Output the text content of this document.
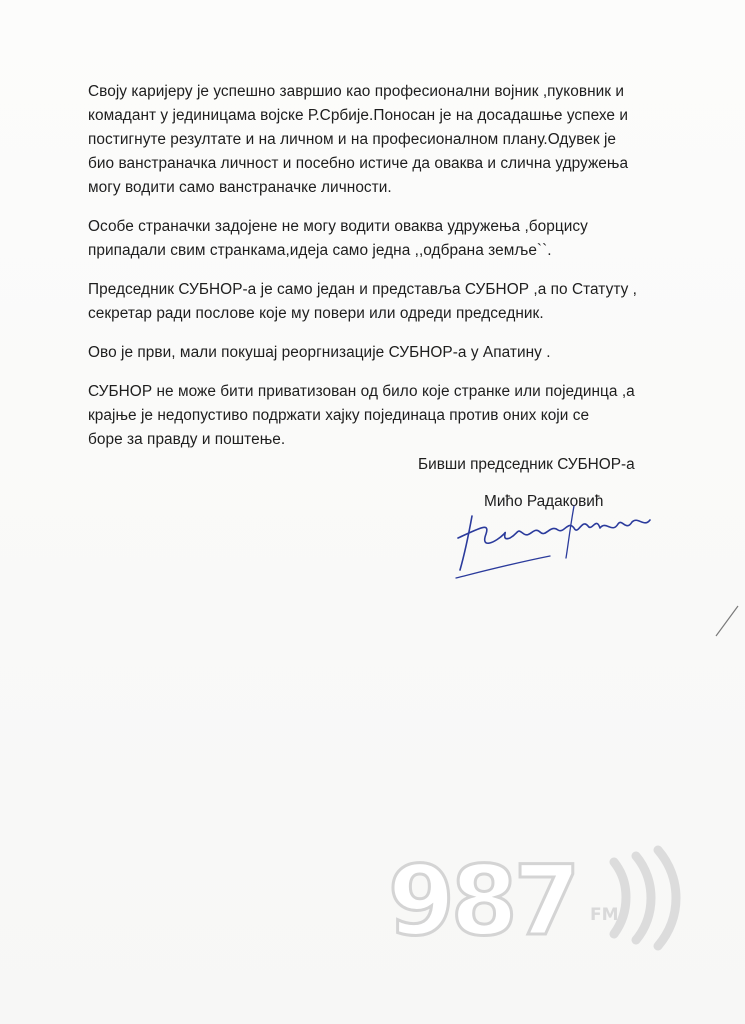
Своју каријеру је успешно завршио као професионални војник ,пуковник и
комадант у јединицама војске Р.Србије.Поносан је на досадашње успехе и
постигнуте резултате и на личном и на професионалном плану.Одувек је
био ванстраначка личност и посебно истиче да оваква и слична удружења
могу водити само ванстраначке личности.

Особе страначки задојене не могу водити оваква удружења ,борцису
припадали свим странкама,идеја само једна ,,одбрана земље``.

Председник СУБНОР-а је само један и представља СУБНОР ,а по Статуту ,
секретар ради послове које му повери или одреди председник.

Ово је први, мали покушај реоргнизације СУБНОР-а у Апатину .

СУБНОР не може бити приватизован од било које странке или појединца ,а
крајње је недопустиво подржати хајку појединаца против оних који се
боре за правду и поштење.

Бивши председник СУБНОР-а
Мићо Радаковић
987 FM
